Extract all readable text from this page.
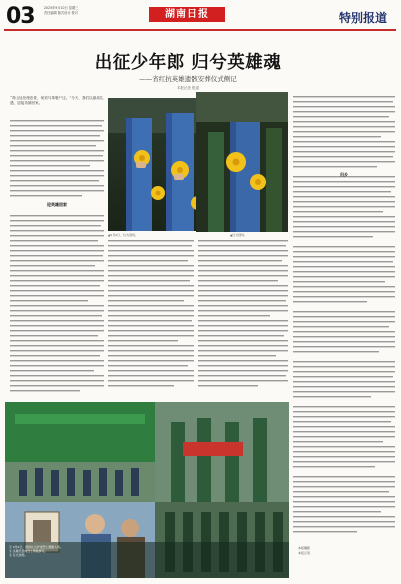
03	2025年9月10日 星期三
责任编辑 版式设计 校对	湖南日报	特别报道
出征少年郎 归兮英雄魂
——省红抗英雄遗骸安葬仪式侧记
本报记者 报道
“青山处处埋忠骨，何须马革裹尸还。”今天，我们以最高礼遇，迎接英雄回家。
迎英雄回家
▲9月9日，仪式现场。	▲仪式现场。
归乡
① 9月9日，现场礼兵护送烈士遗骸入场。
② 亲属代表向烈士敬献鲜花。
③ 仪式现场。
本版摄影
本报记者
